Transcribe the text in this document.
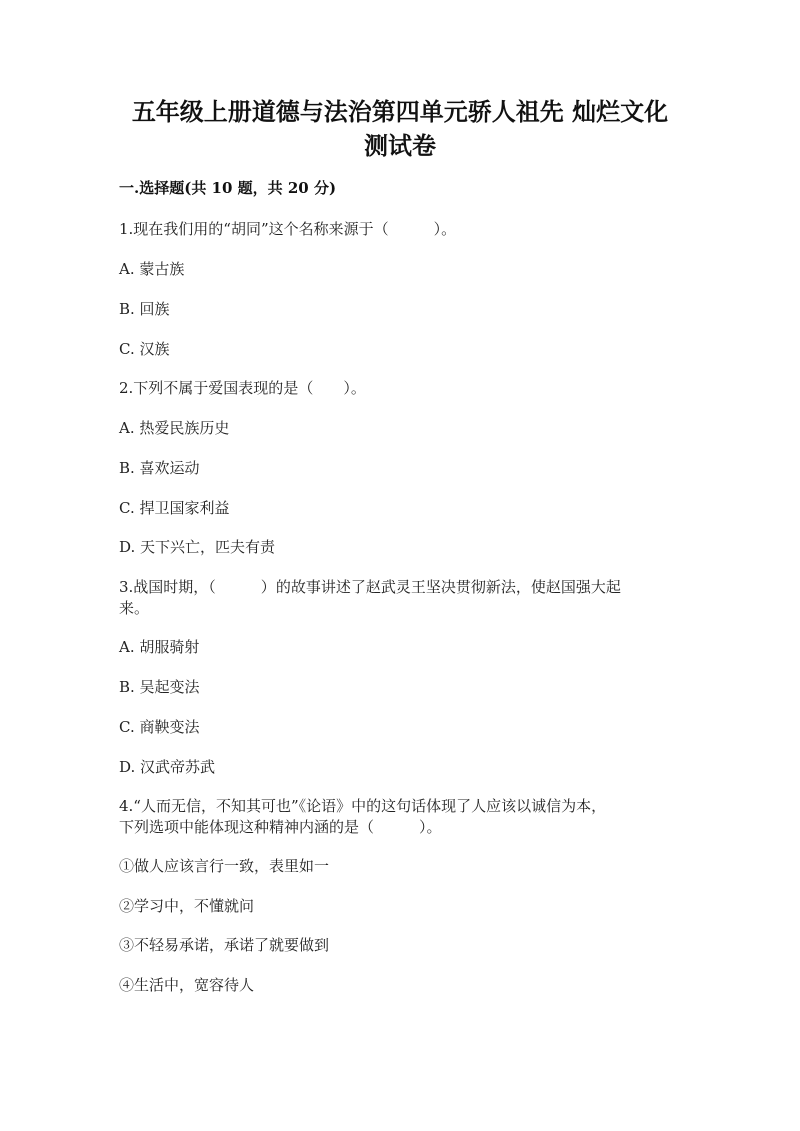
五年级上册道德与法治第四单元骄人祖先 灿烂文化
测试卷
一.选择题(共 10 题，共 20 分)
1.现在我们用的“胡同”这个名称来源于（　　　）。
A. 蒙古族
B. 回族
C. 汉族
2.下列不属于爱国表现的是（　　）。
A. 热爱民族历史
B. 喜欢运动
C. 捍卫国家利益
D. 天下兴亡，匹夫有责
3.战国时期，（　　　）的故事讲述了赵武灵王坚决贯彻新法，使赵国强大起
来。
A. 胡服骑射
B. 吴起变法
C. 商鞅变法
D. 汉武帝苏武
4.“人而无信，不知其可也”《论语》中的这句话体现了人应该以诚信为本，
下列选项中能体现这种精神内涵的是（　　　）。
①做人应该言行一致，表里如一
②学习中，不懂就问
③不轻易承诺，承诺了就要做到
④生活中，宽容待人
